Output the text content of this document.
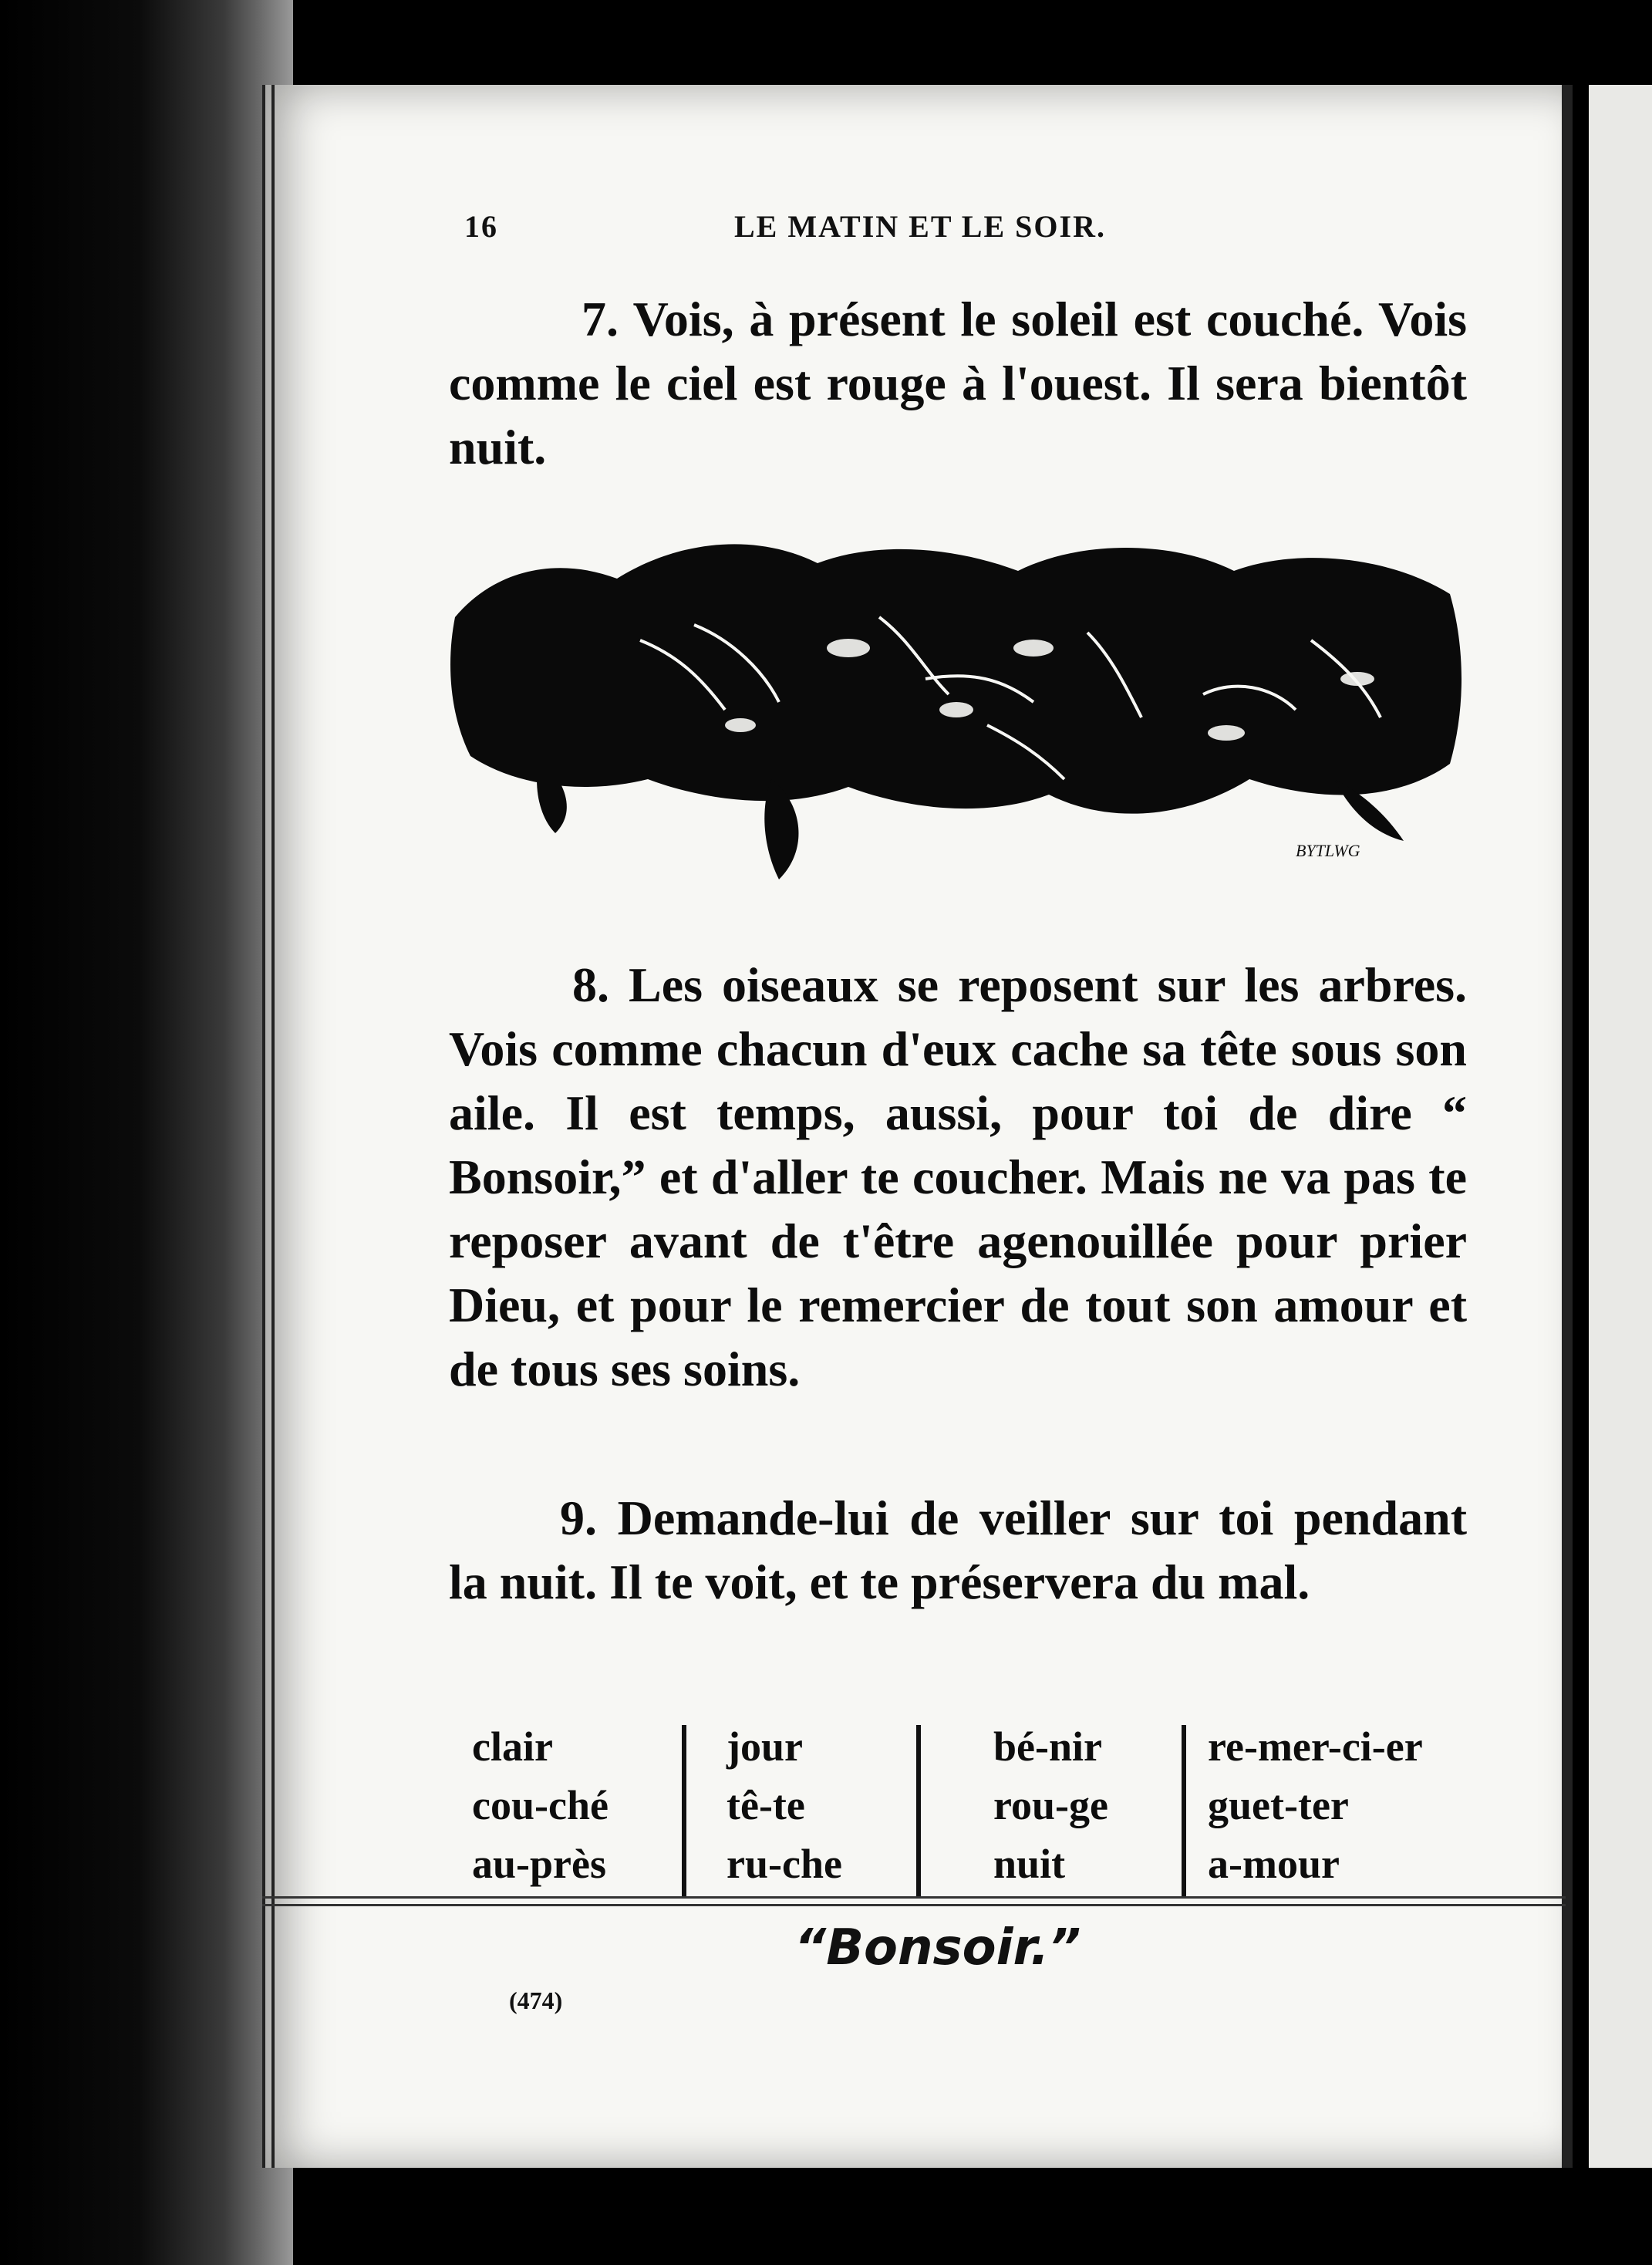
16	LE MATIN ET LE SOIR.

7. Vois, à présent le soleil est couché. Vois comme le ciel est rouge à l'ouest. Il sera bientôt nuit.

BYTLWG

8. Les oiseaux se reposent sur les arbres. Vois comme chacun d'eux cache sa tête sous son aile. Il est temps, aussi, pour toi de dire “ Bonsoir,” et d'aller te coucher. Mais ne va pas te reposer avant de t'être agenouillée pour prier Dieu, et pour le remercier de tout son amour et de tous ses soins.

9. Demande-lui de veiller sur toi pendant la nuit. Il te voit, et te préservera du mal.

clair
cou-ché
au-près
jour
tê-te
ru-che
bé-nir
rou-ge
nuit
re-mer-ci-er
guet-ter
a-mour
“Bonsoir.”
(474)
